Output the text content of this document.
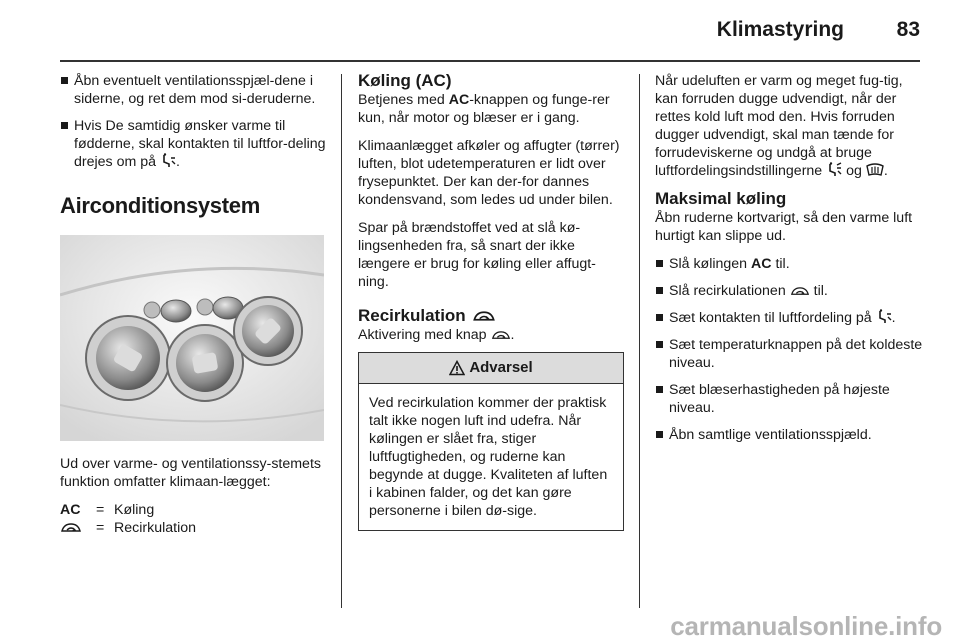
Klimastyring	83
Åbn eventuelt ventilationsspjæl-dene i siderne, og ret dem mod si-deruderne.
Hvis De samtidig ønsker varme til fødderne, skal kontakten til luftfor-deling drejes om på .
Airconditionsystem

Ud over varme- og ventilationssy-stemets funktion omfatter klimaan-lægget:

AC	= Køling
= Recirkulation
Køling (AC)

Betjenes med AC-knappen og funge-rer kun, når motor og blæser er i gang.

Klimaanlægget afkøler og affugter (tørrer) luften, blot udetemperaturen er lidt over frysepunktet. Der kan der-for dannes kondensvand, som ledes ud under bilen.

Spar på brændstoffet ved at slå kø-lingsenheden fra, så snart der ikke længere er brug for køling eller affugt-ning.

Recirkulation

Aktivering med knap .

Advarsel
Ved recirkulation kommer der praktisk talt ikke nogen luft ind udefra. Når kølingen er slået fra, stiger luftfugtigheden, og ruderne kan begynde at dugge. Kvaliteten af luften i kabinen falder, og det kan gøre personerne i bilen dø-sige.

Når udeluften er varm og meget fug-tig, kan forruden dugge udvendigt, når der rettes kold luft mod den. Hvis forruden dugger udvendigt, skal man tænde for forrudeviskerne og undgå at bruge luftfordelingsindstillingerne og .

Maksimal køling

Åbn ruderne kortvarigt, så den varme luft hurtigt kan slippe ud.

Slå kølingen AC til.
Slå recirkulationen til.
Sæt kontakten til luftfordeling på .
Sæt temperaturknappen på det koldeste niveau.
Sæt blæserhastigheden på højeste niveau.
Åbn samtlige ventilationsspjæld.
carmanualsonline.info
